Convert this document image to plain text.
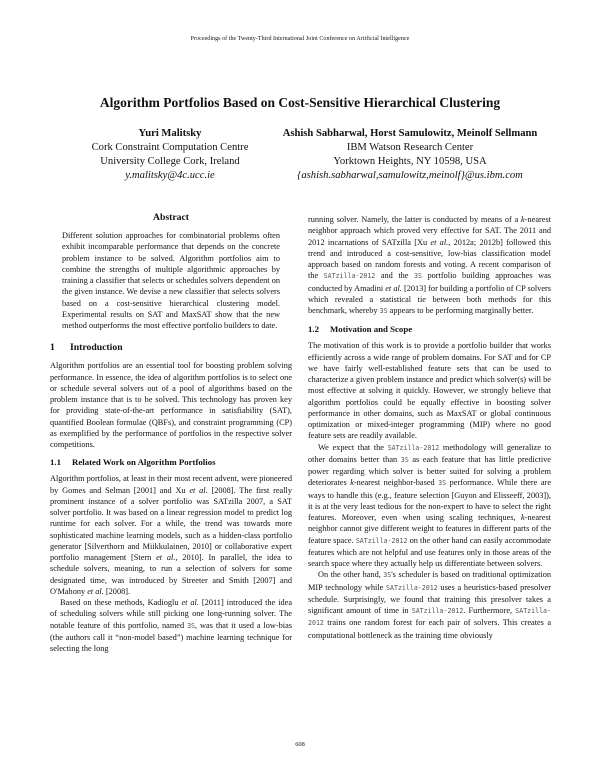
Proceedings of the Twenty-Third International Joint Conference on Artificial Intelligence
Algorithm Portfolios Based on Cost-Sensitive Hierarchical Clustering
Yuri Malitsky
Cork Constraint Computation Centre
University College Cork, Ireland
y.malitsky@4c.ucc.ie
Ashish Sabharwal, Horst Samulowitz, Meinolf Sellmann
IBM Watson Research Center
Yorktown Heights, NY 10598, USA
{ashish.sabharwal,samulowitz,meinolf}@us.ibm.com
Abstract
Different solution approaches for combinatorial problems often exhibit incomparable performance that depends on the concrete problem instance to be solved. Algorithm portfolios aim to combine the strengths of multiple algorithmic approaches by training a classifier that selects or schedules solvers dependent on the given instance. We devise a new classifier that selects solvers based on a cost-sensitive hierarchical clustering model. Experimental results on SAT and MaxSAT show that the new method outperforms the most effective portfolio builders to date.
1 Introduction

Algorithm portfolios are an essential tool for boosting problem solving performance. In essence, the idea of algorithm portfolios is to select one or schedule several solvers out of a pool of algorithms based on the problem instance that is to be solved. This technology has proven key for providing state-of-the-art performance in satisfiability (SAT), quantified Boolean formulae (QBFs), and constraint programming (CP) as exemplified by the performance of portfolios in the respective solver competitions.

1.1 Related Work on Algorithm Portfolios

Algorithm portfolios, at least in their most recent advent, were pioneered by Gomes and Selman [2001] and Xu et al. [2008]. The first really prominent instance of a solver portfolio was SATzilla 2007, a SAT solver portfolio. It was based on a linear regression model to predict log runtime for each solver. For a while, the trend was towards more sophisticated machine learning models, such as a hidden-class portfolio generator [Silverthorn and Miikkulainen, 2010] or collaborative expert portfolio management [Stern et al., 2010]. In parallel, the idea to schedule solvers, meaning, to run a selection of solvers for some designated time, was introduced by Streeter and Smith [2007] and O'Mahony et al. [2008].

Based on these methods, Kadioglu et al. [2011] introduced the idea of scheduling solvers while still picking one long-running solver. The notable feature of this portfolio, named 3S, was that it used a low-bias (the authors call it “non-model based”) machine learning technique for selecting the long

running solver. Namely, the latter is conducted by means of a k-nearest neighbor approach which proved very effective for SAT. The 2011 and 2012 incarnations of SATzilla [Xu et al., 2012a; 2012b] followed this trend and introduced a cost-sensitive, low-bias classification model approach based on random forests and voting. A recent comparison of the SATzilla-2012 and the 3S portfolio building approaches was conducted by Amadini et al. [2013] for building a portfolio of CP solvers which revealed a statistical tie between both methods for this benchmark, whereby 3S appears to be performing marginally better.

1.2 Motivation and Scope

The motivation of this work is to provide a portfolio builder that works efficiently across a wide range of problem domains. For SAT and for CP we have fairly well-established feature sets that can be used to characterize a given problem instance and predict which solver(s) will be most effective at solving it quickly. However, we strongly believe that algorithm portfolios could be equally effective in boosting solver performance in other domains, such as MaxSAT or global continuous optimization or mixed-integer programming (MIP) where no good feature sets are readily available.

We expect that the SATzilla-2012 methodology will generalize to other domains better than 3S as each feature that has little predictive power regarding which solver is better suited for solving a problem deteriorates k-nearest neighbor-based 3S performance. While there are ways to handle this (e.g., feature selection [Guyon and Elisseeff, 2003]), it is at the very least tedious for the non-expert to have to select the right features. Moreover, even when using scaling techniques, k-nearest neighbor cannot give different weight to features in different parts of the feature space. SATzilla-2012 on the other hand can easily accommodate features which are not helpful and use features only in those areas of the search space where they actually help us differentiate between solvers.

On the other hand, 3S's scheduler is based on traditional optimization MIP technology while SATzilla-2012 uses a heuristics-based presolver schedule. Surprisingly, we found that training this presolver takes a significant amount of time in SATzilla-2012. Furthermore, SATzilla-2012 trains one random forest for each pair of solvers. This creates a computational bottleneck as the training time obviously

608
